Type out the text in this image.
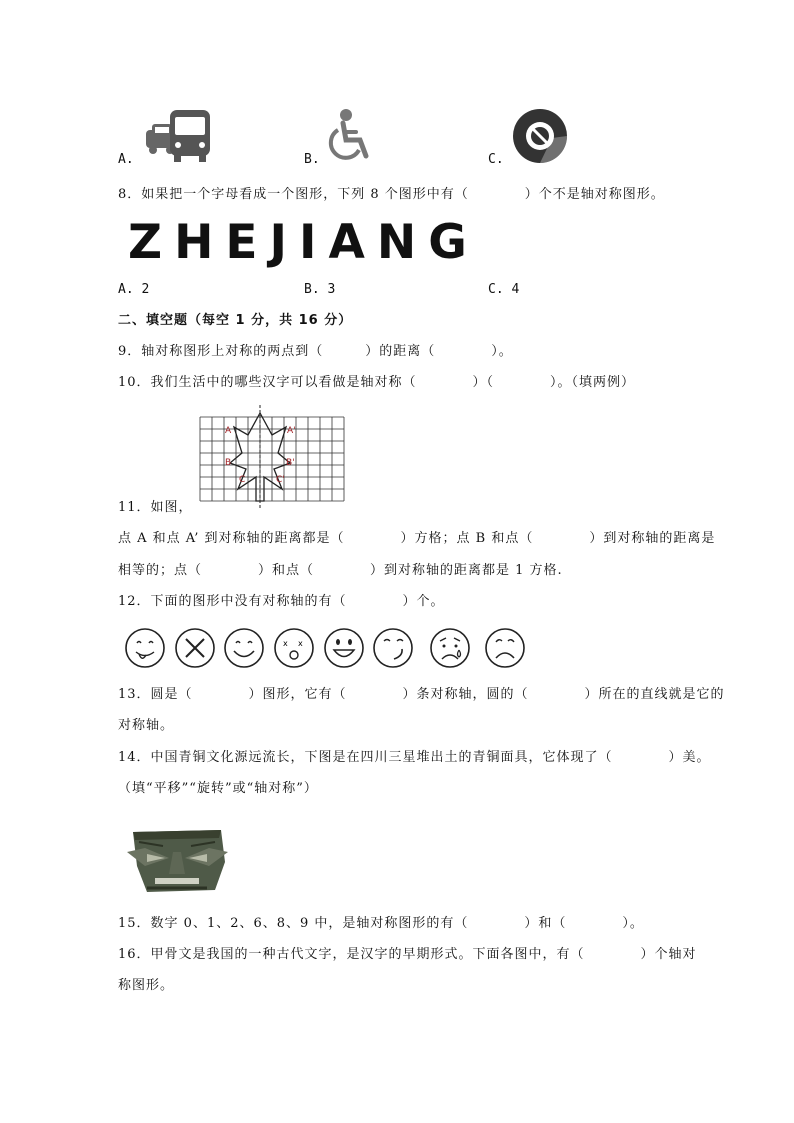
A.	B.	C.
8．如果把一个字母看成一个图形，下列 8 个图形中有（　　　　）个不是轴对称图形。
ZHEJIANG
A. 2	B. 3	C. 4
二、填空题（每空 1 分，共 16 分）
9．轴对称图形上对称的两点到（　　　）的距离（　　　　）。
10．我们生活中的哪些汉字可以看做是轴对称（　　　　）（　　　　）。（填两例）
A	A'
B	B'
C	C'
11．如图，
点 A 和点 A’ 到对称轴的距离都是（　　　　）方格；点 B 和点（　　　　）到对称轴的距离是
相等的；点（　　　　）和点（　　　　）到对称轴的距离都是 1 方格.
12．下面的图形中没有对称轴的有（　　　　）个。
x x
13．圆是（　　　　）图形，它有（　　　　）条对称轴，圆的（　　　　）所在的直线就是它的
对称轴。
14．中国青铜文化源远流长，下图是在四川三星堆出土的青铜面具，它体现了（　　　　）美。
（填“平移”“旋转”或“轴对称”）
15．数字 0、1、2、6、8、9 中，是轴对称图形的有（　　　　）和（　　　　）。
16．甲骨文是我国的一种古代文字，是汉字的早期形式。下面各图中，有（　　　　）个轴对
称图形。
